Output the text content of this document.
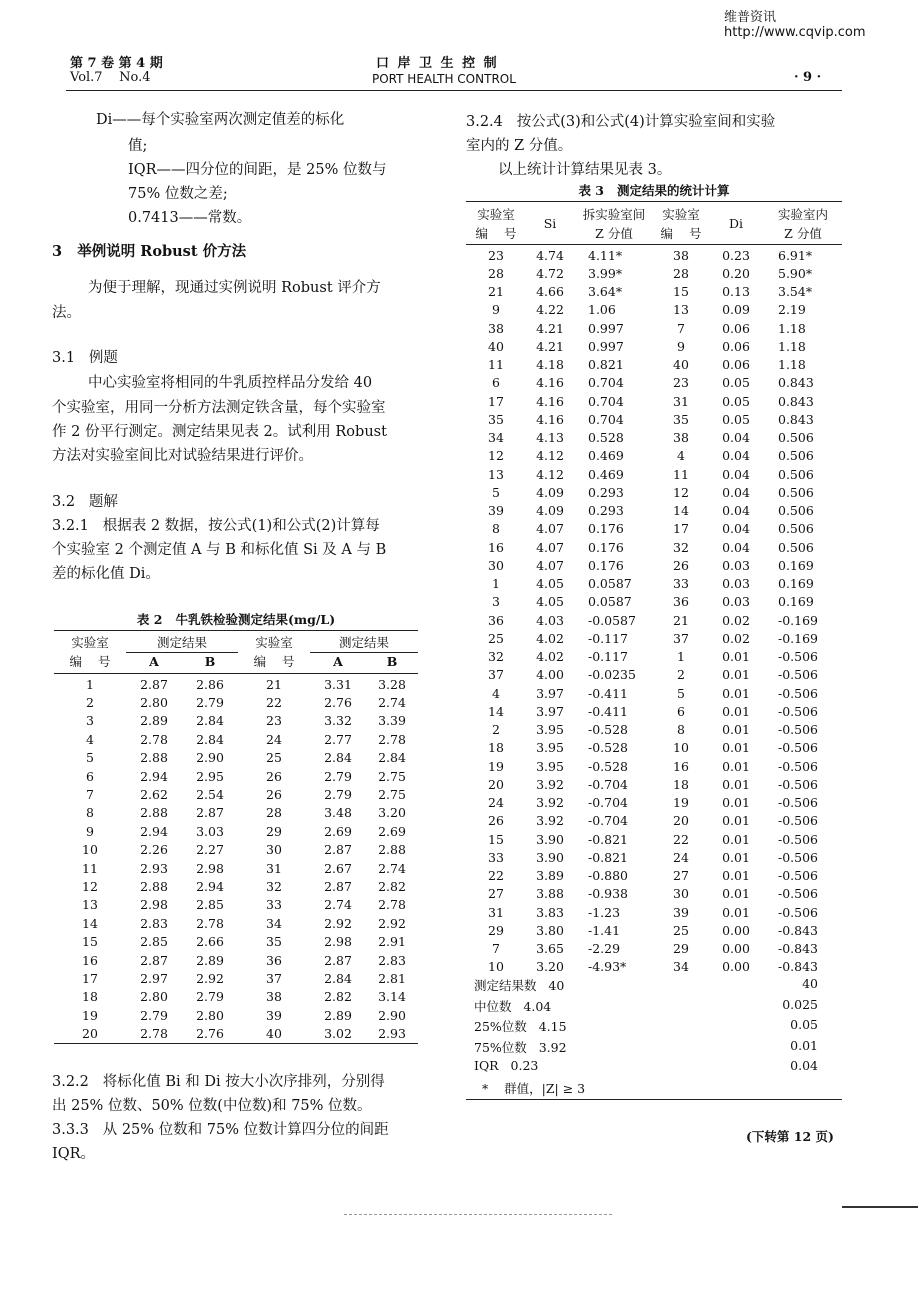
维普资讯 http://www.cqvip.com
第 7 卷 第 4 期
Vol.7    No.4
口 岸 卫 生 控 制
PORT HEALTH CONTROL	· 9 ·
Di——每个实验室两次测定值差的标化
值;
IQR——四分位的间距，是 25% 位数与
75% 位数之差;
0.7413——常数。
3   举例说明 Robust 价方法
为便于理解，现通过实例说明 Robust 评介方
法。
3.1   例题
中心实验室将相同的牛乳质控样品分发给 40
个实验室，用同一分析方法测定铁含量，每个实验室
作 2 份平行测定。测定结果见表 2。试利用 Robust
方法对实验室间比对试验结果进行评价。
3.2   题解
3.2.1   根据表 2 数据，按公式(1)和公式(2)计算每
个实验室 2 个测定值 A 与 B 和标化值 Si 及 A 与 B
差的标化值 Di。
表 2   牛乳铁检验测定结果(mg/L)
实验室	测定结果		实验室	测定结果	
编    号	A	B	编    号	A	B
1	2.87	2.86	21	3.31	3.28
2	2.80	2.79	22	2.76	2.74
3	2.89	2.84	23	3.32	3.39
4	2.78	2.84	24	2.77	2.78
5	2.88	2.90	25	2.84	2.84
6	2.94	2.95	26	2.79	2.75
7	2.62	2.54	26	2.79	2.75
8	2.88	2.87	28	3.48	3.20
9	2.94	3.03	29	2.69	2.69
10	2.26	2.27	30	2.87	2.88
11	2.93	2.98	31	2.67	2.74
12	2.88	2.94	32	2.87	2.82
13	2.98	2.85	33	2.74	2.78
14	2.83	2.78	34	2.92	2.92
15	2.85	2.66	35	2.98	2.91
16	2.87	2.89	36	2.87	2.83
17	2.97	2.92	37	2.84	2.81
18	2.80	2.79	38	2.82	3.14
19	2.79	2.80	39	2.89	2.90
20	2.78	2.76	40	3.02	2.93
3.2.2   将标化值 Bi 和 Di 按大小次序排列，分别得
出 25% 位数、50% 位数(中位数)和 75% 位数。
3.3.3   从 25% 位数和 75% 位数计算四分位的间距
IQR。
3.2.4   按公式(3)和公式(4)计算实验室间和实验
室内的 Z 分值。
以上统计计算结果见表 3。
表 3   测定结果的统计计算
实验室	Si	拆实验室间	实验室	Di	实验室内
编    号		Z 分值	编    号		Z 分值
23	4.74	4.11*	38	0.23	6.91*
28	4.72	3.99*	28	0.20	5.90*
21	4.66	3.64*	15	0.13	3.54*
9	4.22	1.06	13	0.09	2.19
38	4.21	0.997	7	0.06	1.18
40	4.21	0.997	9	0.06	1.18
11	4.18	0.821	40	0.06	1.18
6	4.16	0.704	23	0.05	0.843
17	4.16	0.704	31	0.05	0.843
35	4.16	0.704	35	0.05	0.843
34	4.13	0.528	38	0.04	0.506
12	4.12	0.469	4	0.04	0.506
13	4.12	0.469	11	0.04	0.506
5	4.09	0.293	12	0.04	0.506
39	4.09	0.293	14	0.04	0.506
8	4.07	0.176	17	0.04	0.506
16	4.07	0.176	32	0.04	0.506
30	4.07	0.176	26	0.03	0.169
1	4.05	0.0587	33	0.03	0.169
3	4.05	0.0587	36	0.03	0.169
36	4.03	-0.0587	21	0.02	-0.169
25	4.02	-0.117	37	0.02	-0.169
32	4.02	-0.117	1	0.01	-0.506
37	4.00	-0.0235	2	0.01	-0.506
4	3.97	-0.411	5	0.01	-0.506
14	3.97	-0.411	6	0.01	-0.506
2	3.95	-0.528	8	0.01	-0.506
18	3.95	-0.528	10	0.01	-0.506
19	3.95	-0.528	16	0.01	-0.506
20	3.92	-0.704	18	0.01	-0.506
24	3.92	-0.704	19	0.01	-0.506
26	3.92	-0.704	20	0.01	-0.506
15	3.90	-0.821	22	0.01	-0.506
33	3.90	-0.821	24	0.01	-0.506
22	3.89	-0.880	27	0.01	-0.506
27	3.88	-0.938	30	0.01	-0.506
31	3.83	-1.23	39	0.01	-0.506
29	3.80	-1.41	25	0.00	-0.843
7	3.65	-2.29	29	0.00	-0.843
10	3.20	-4.93*	34	0.00	-0.843
测定结果数   40	40
中位数   4.04	0.025
25%位数   4.15	0.05
75%位数   3.92	0.01
IQR   0.23	0.04
*    群值，|Z| ≥ 3
(下转第 12 页)
